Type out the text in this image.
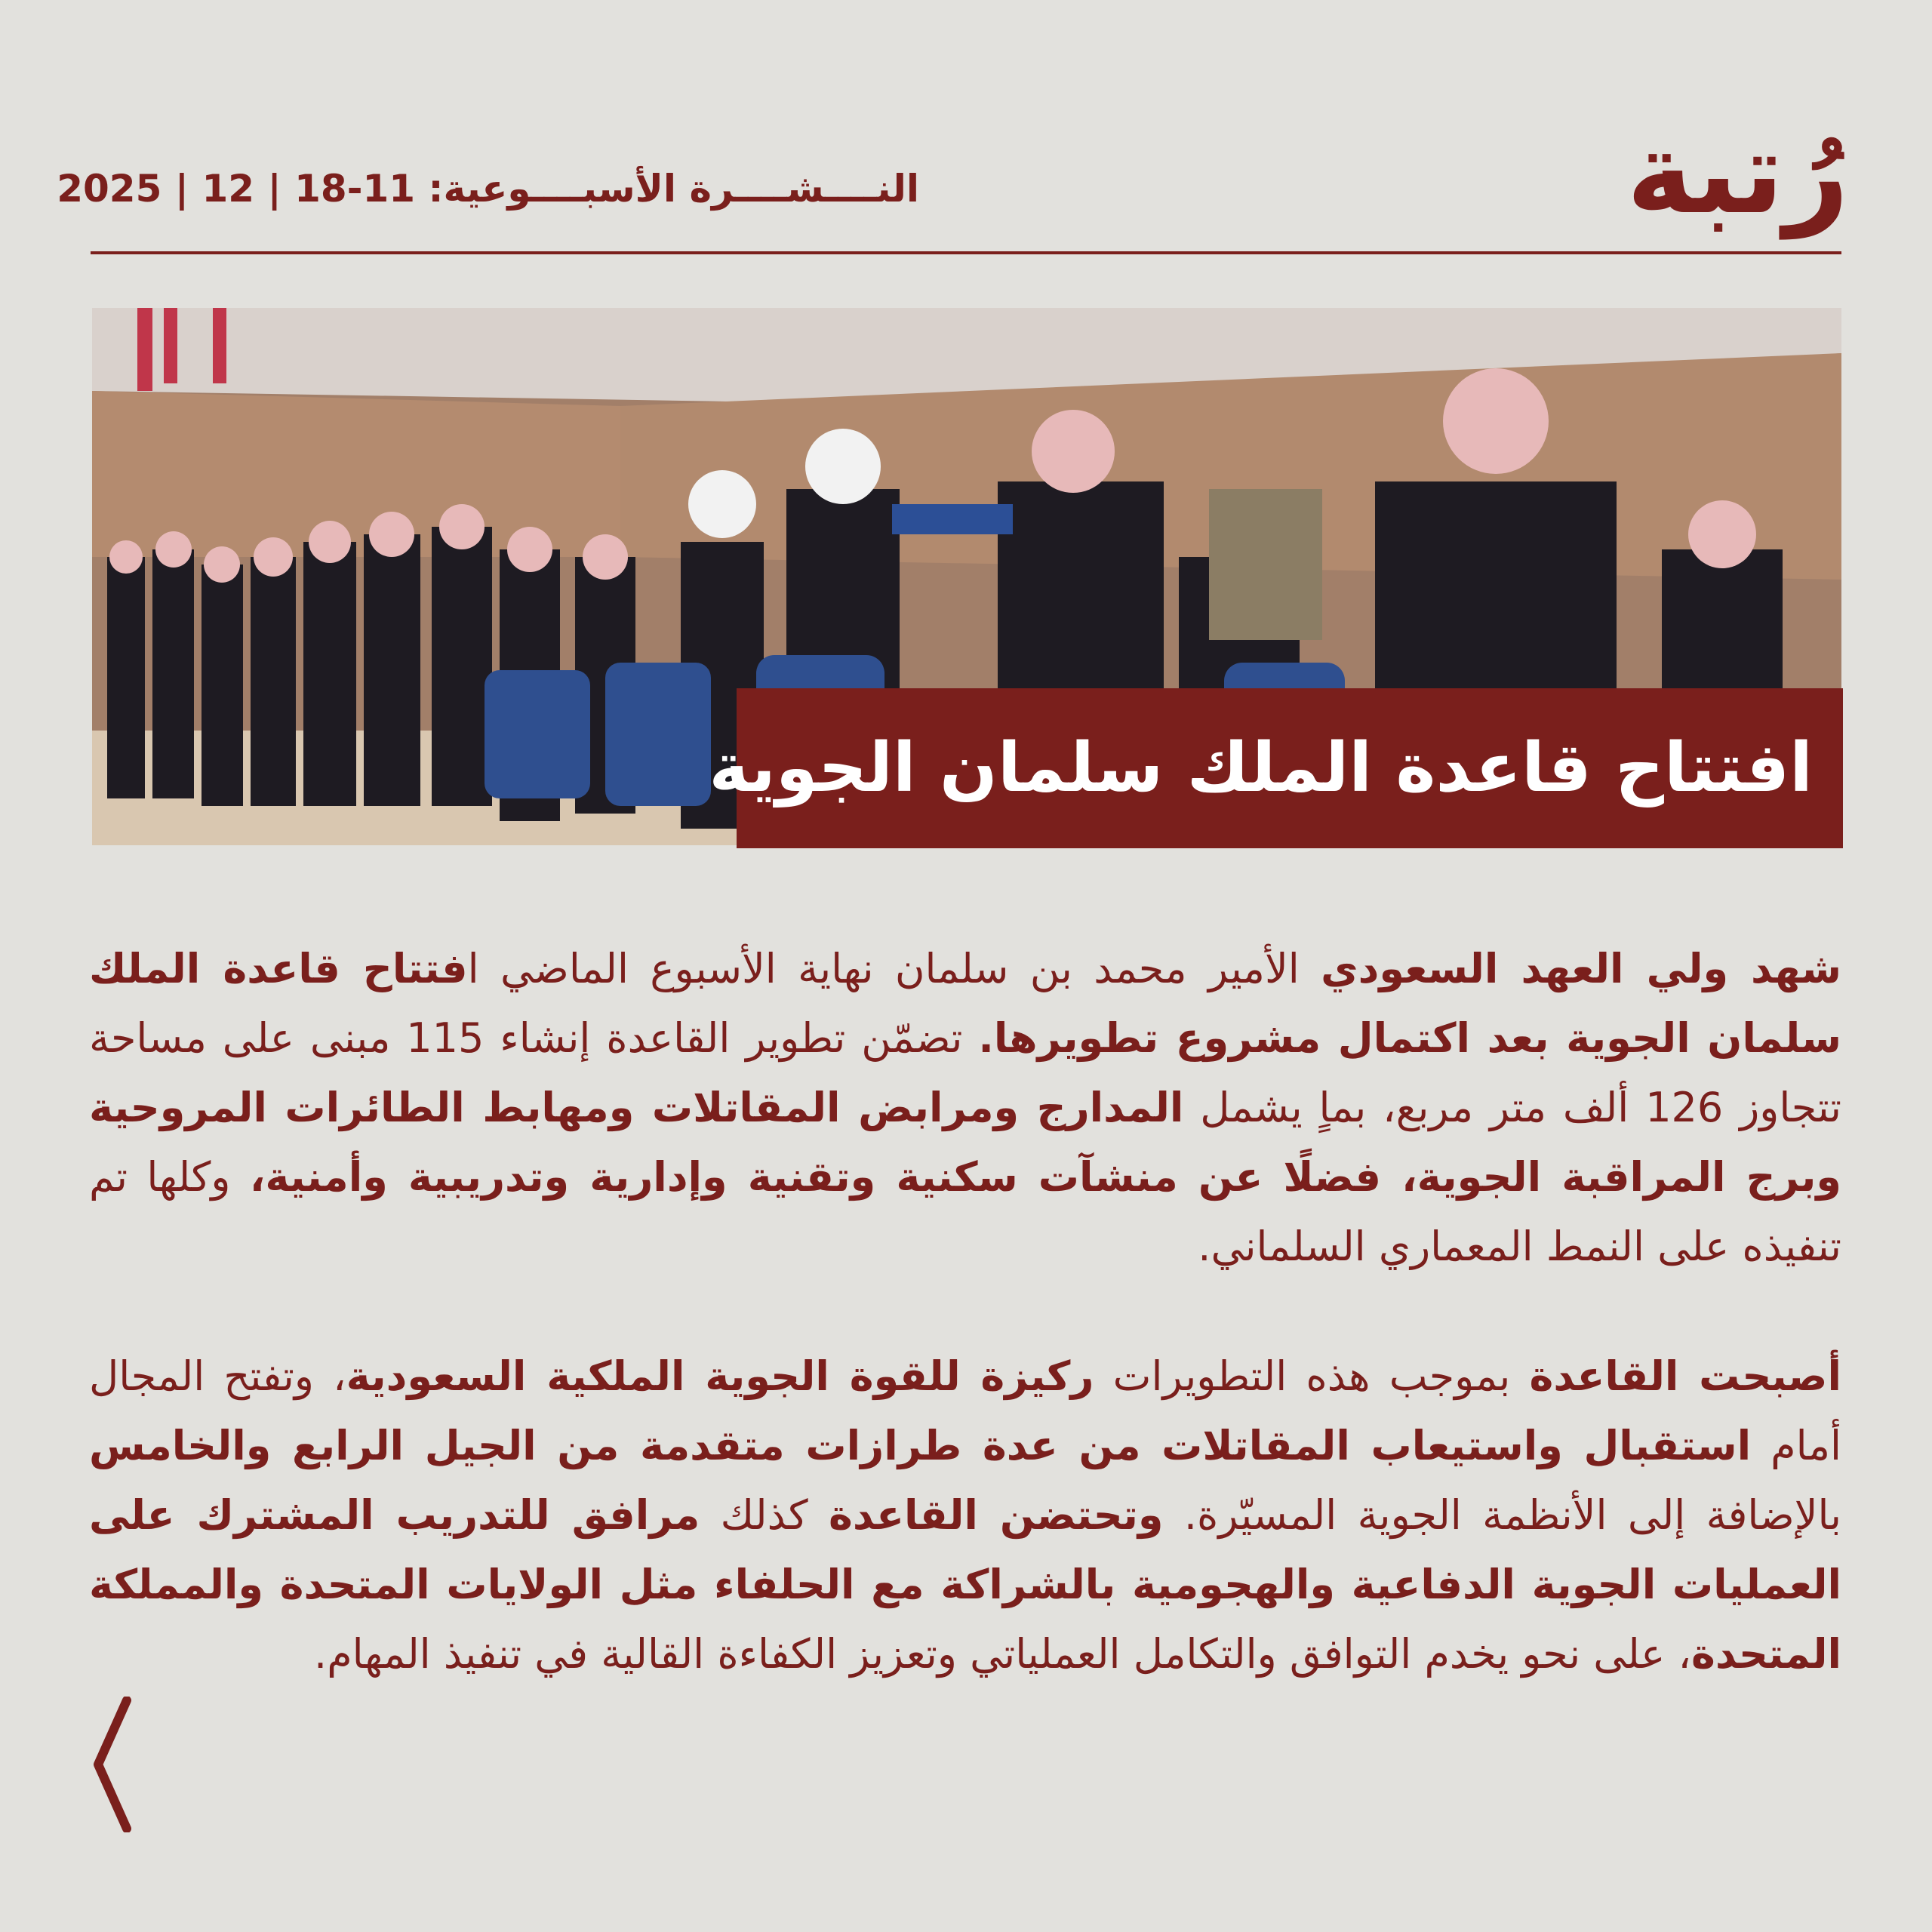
رُتبة
النــــشــــرة الأسبــــوعية: 11-18 | 12 | 2025
افتتاح قاعدة الملك سلمان الجوية
شهد ولي العهد السعودي الأمير محمد بن سلمان نهاية الأسبوع الماضي افتتاح قاعدة الملك سلمان الجوية بعد اكتمال مشروع تطويرها. تضمّن تطوير القاعدة إنشاء 115 مبنى على مساحة تتجاوز 126 ألف متر مربع، بماٍ يشمل المدارج ومرابض المقاتلات ومهابط الطائرات المروحية وبرج المراقبة الجوية، فضلًا عن منشآت سكنية وتقنية وإدارية وتدريبية وأمنية، وكلها تم تنفيذه على النمط المعماري السلماني.
أصبحت القاعدة بموجب هذه التطويرات ركيزة للقوة الجوية الملكية السعودية، وتفتح المجال أمام استقبال واستيعاب المقاتلات من عدة طرازات متقدمة من الجيل الرابع والخامس بالإضافة إلى الأنظمة الجوية المسيّرة. وتحتضن القاعدة كذلك مرافق للتدريب المشترك على العمليات الجوية الدفاعية والهجومية بالشراكة مع الحلفاء مثل الولايات المتحدة والمملكة المتحدة، على نحو يخدم التوافق والتكامل العملياتي وتعزيز الكفاءة القالية في تنفيذ المهام.
